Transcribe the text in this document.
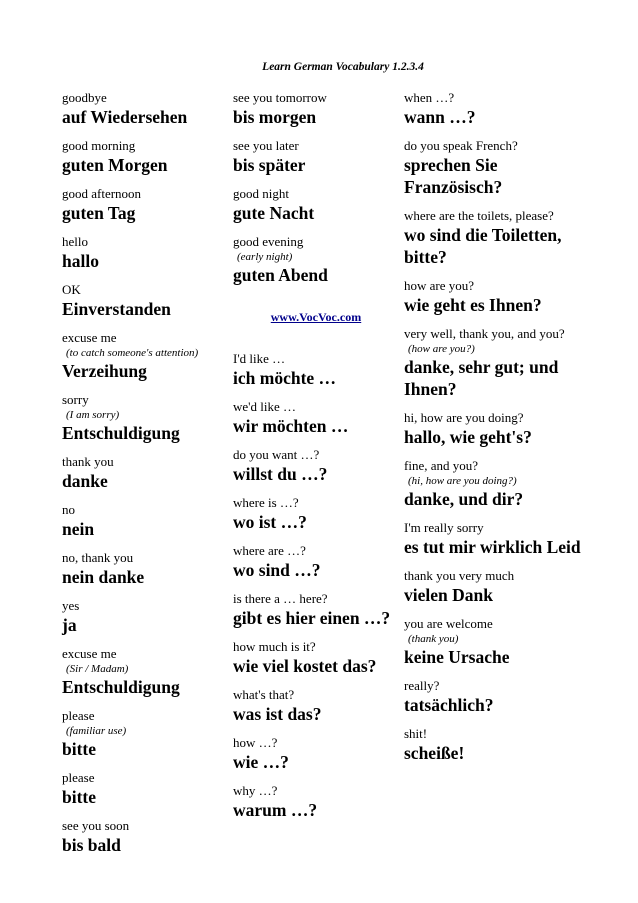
Learn German Vocabulary 1.2.3.4
goodbye
auf Wiedersehen
good morning
guten Morgen
good afternoon
guten Tag
hello
hallo
OK
Einverstanden
excuse me
(to catch someone's attention)
Verzeihung
sorry
(I am sorry)
Entschuldigung
thank you
danke
no
nein
no, thank you
nein danke
yes
ja
excuse me
(Sir / Madam)
Entschuldigung
please
(familiar use)
bitte
please
bitte
see you soon
bis bald
see you tomorrow
bis morgen
see you later
bis später
good night
gute Nacht
good evening
(early night)
guten Abend
www.VocVoc.com
I'd like …
ich möchte …
we'd like …
wir möchten …
do you want …?
willst du …?
where is …?
wo ist …?
where are …?
wo sind …?
is there a … here?
gibt es hier einen …?
how much is it?
wie viel kostet das?
what's that?
was ist das?
how …?
wie …?
why …?
warum …?
when …?
wann …?
do you speak French?
sprechen Sie Französisch?
where are the toilets, please?
wo sind die Toiletten, bitte?
how are you?
wie geht es Ihnen?
very well, thank you, and you?
(how are you?)
danke, sehr gut; und Ihnen?
hi, how are you doing?
hallo, wie geht's?
fine, and you?
(hi, how are you doing?)
danke, und dir?
I'm really sorry
es tut mir wirklich Leid
thank you very much
vielen Dank
you are welcome
(thank you)
keine Ursache
really?
tatsächlich?
shit!
scheiße!
